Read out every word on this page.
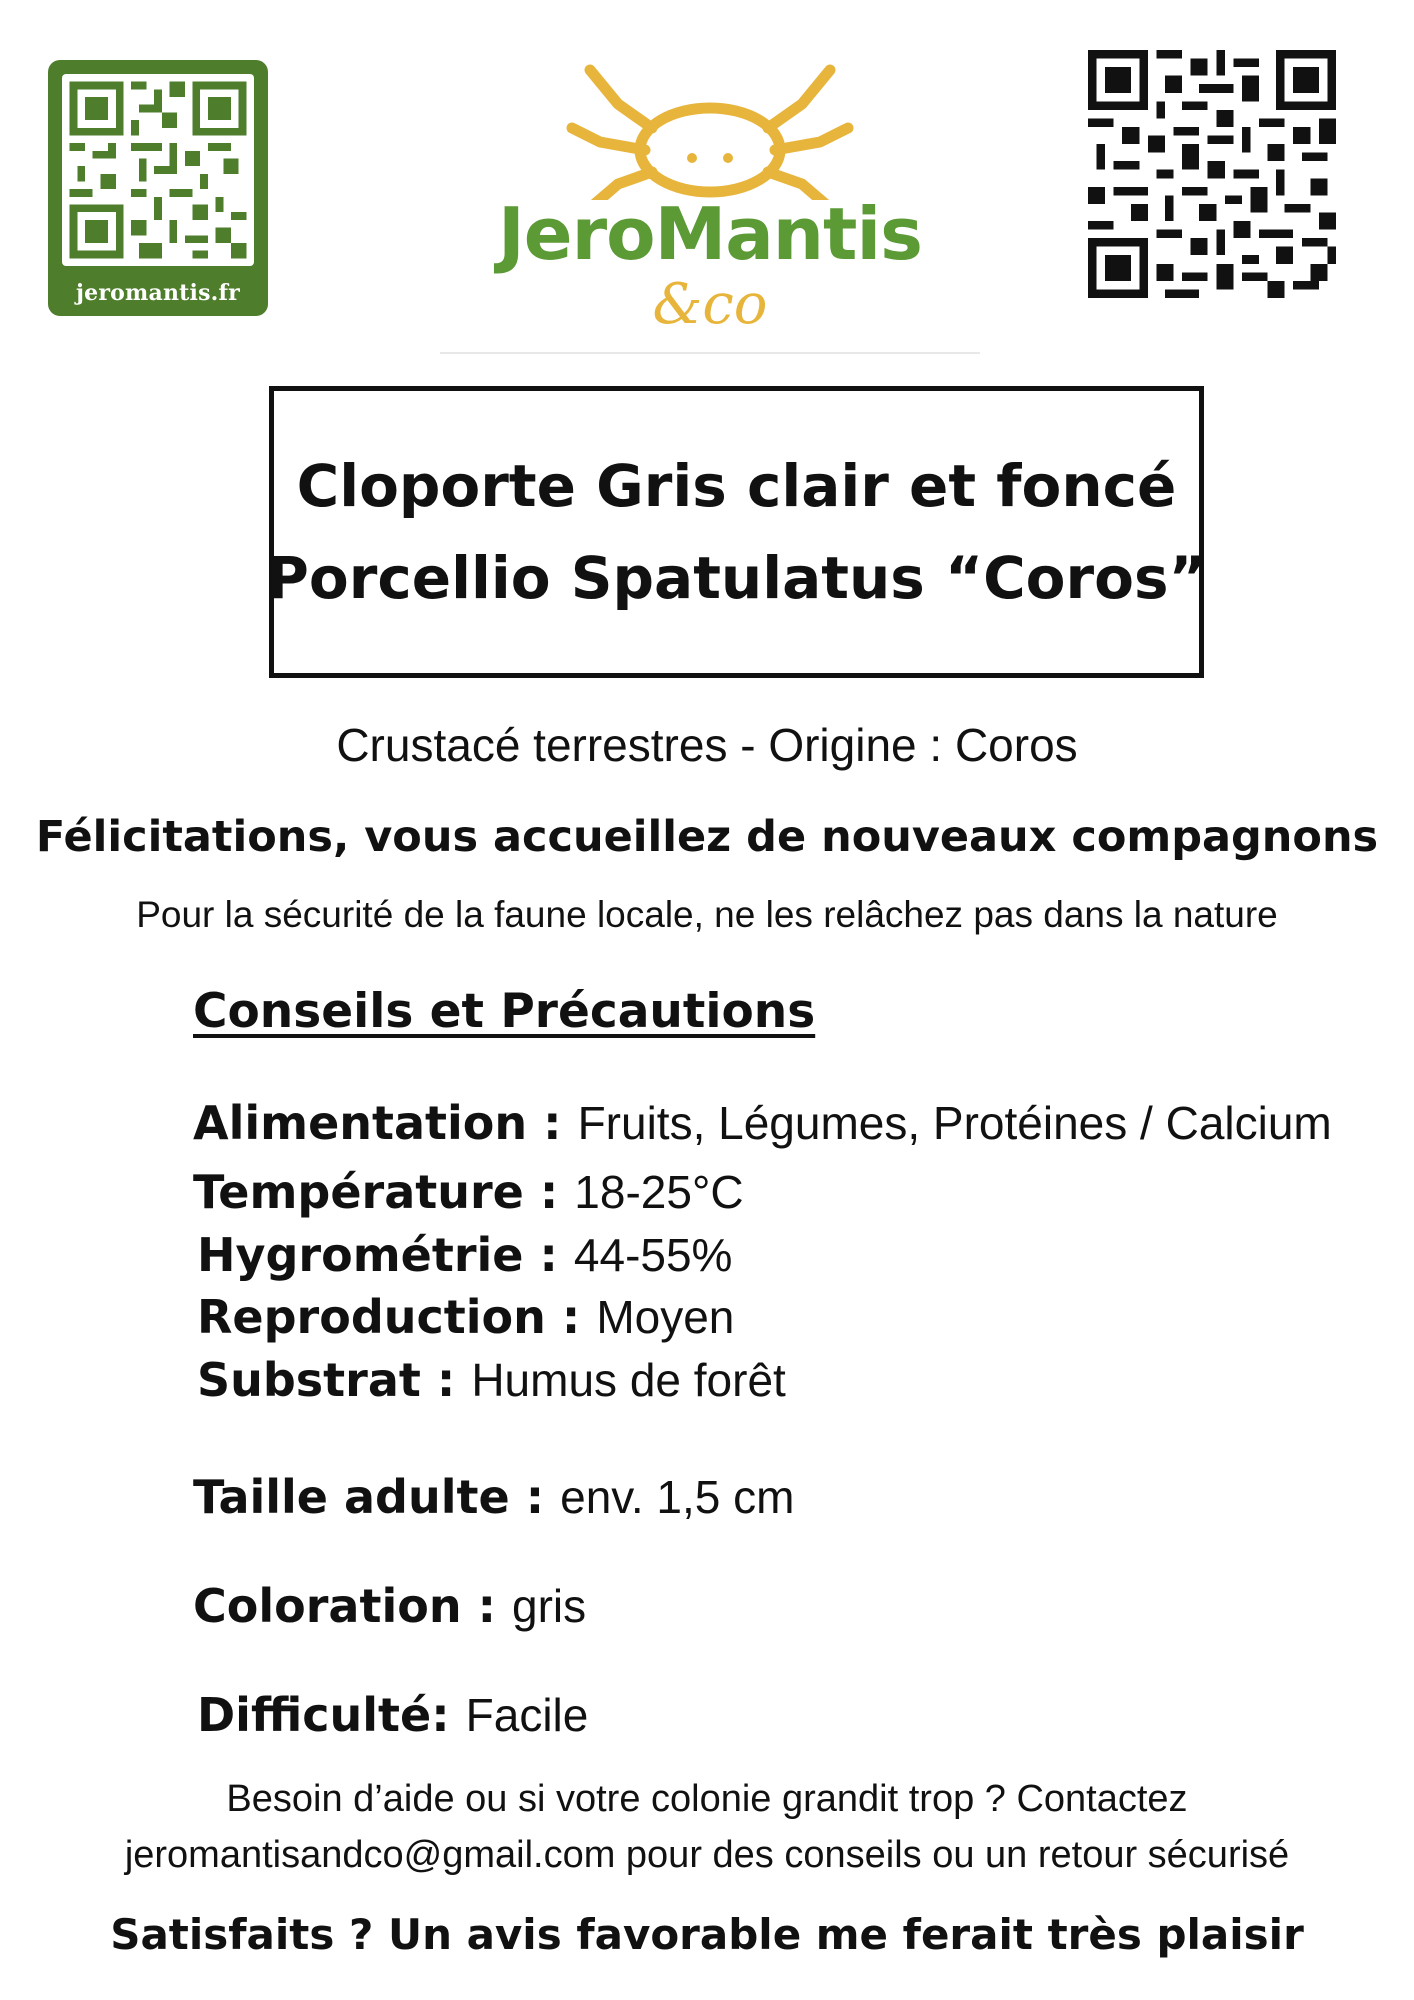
jeromantis.fr
JeroMantis
&co
Cloporte Gris clair et foncé
Porcellio Spatulatus “Coros”
Crustacé terrestres - Origine : Coros
Félicitations, vous accueillez de nouveaux compagnons
Pour la sécurité de la faune locale, ne les relâchez pas dans la nature
Conseils et Précautions
Alimentation : Fruits, Légumes, Protéines / Calcium
Température : 18-25°C
Hygrométrie : 44-55%
Reproduction : Moyen
Substrat : Humus de forêt
Taille adulte : env. 1,5 cm
Coloration : gris
Difficulté: Facile
Besoin d’aide ou si votre colonie grandit trop ? Contactez
jeromantisandco@gmail.com pour des conseils ou un retour sécurisé
Satisfaits ? Un avis favorable me ferait très plaisir
